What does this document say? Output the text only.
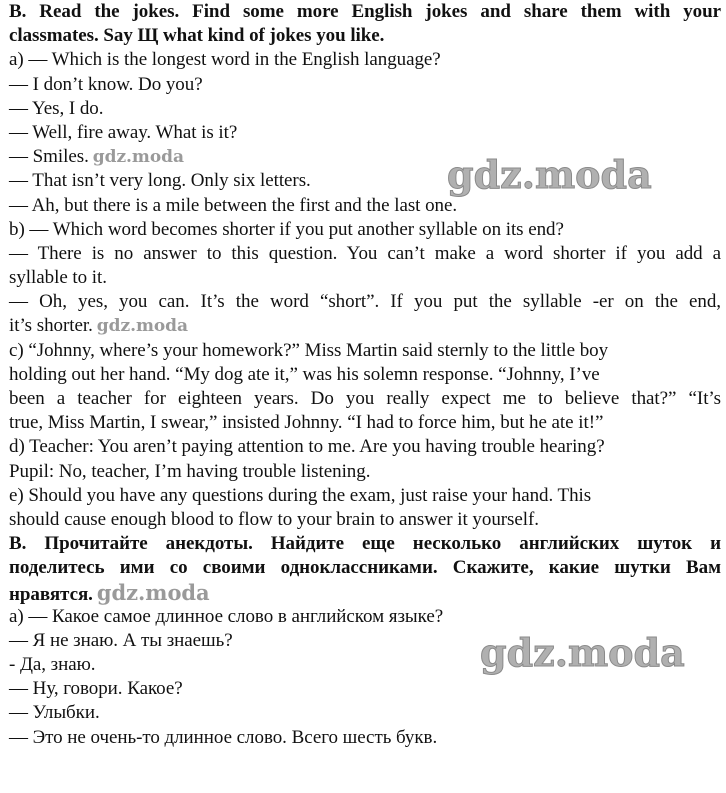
B. Read the jokes. Find some more English jokes and share them with your
classmates. Say Щ what kind of jokes you like.
a) — Which is the longest word in the English language?
— I don’t know. Do you?
— Yes, I do.
— Well, fire away. What is it?
— Smiles. gdz.moda
— That isn’t very long. Only six letters.
— Ah, but there is a mile between the first and the last one.
b) — Which word becomes shorter if you put another syllable on its end?
— There is no answer to this question. You can’t make a word shorter if you add a
syllable to it.
— Oh, yes, you can. It’s the word “short”. If you put the syllable -er on the end,
it’s shorter. gdz.moda
c) “Johnny, where’s your homework?” Miss Martin said sternly to the little boy
holding out her hand. “My dog ate it,” was his solemn response. “Johnny, I’ve
been a teacher for eighteen years. Do you really expect me to believe that?” “It’s
true, Miss Martin, I swear,” insisted Johnny. “I had to force him, but he ate it!”
d) Teacher: You aren’t paying attention to me. Are you having trouble hearing?
Pupil: No, teacher, I’m having trouble listening.
e) Should you have any questions during the exam, just raise your hand. This
should cause enough blood to flow to your brain to answer it yourself.
В. Прочитайте анекдоты. Найдите еще несколько английских шуток и
поделитесь ими со своими одноклассниками. Скажите, какие шутки Вам
нравятся. gdz.moda
а) — Какое самое длинное слово в английском языке?
— Я не знаю. А ты знаешь?
- Да, знаю.
— Ну, говори. Какое?
— Улыбки.
— Это не очень-то длинное слово. Всего шесть букв.
gdz.moda
gdz.moda
